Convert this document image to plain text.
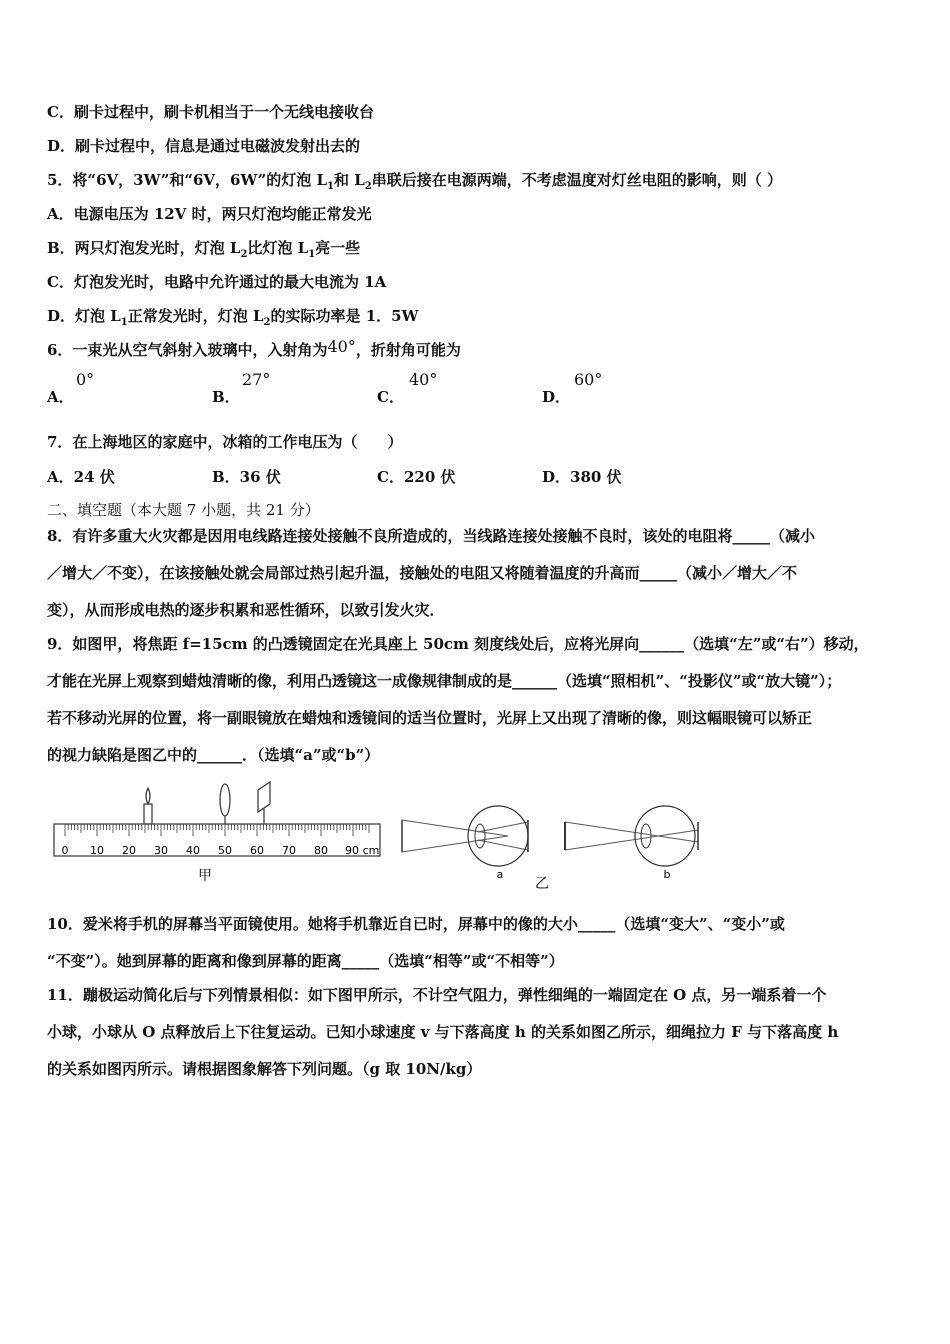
C．刷卡过程中，刷卡机相当于一个无线电接收台
D．刷卡过程中，信息是通过电磁波发射出去的
5．将“6V，3W”和“6V，6W”的灯泡 $L_1$和 $L_2$串联后接在电源两端，不考虑温度对灯丝电阻的影响，则（ ）
A．电源电压为 12V 时，两只灯泡均能正常发光
B．两只灯泡发光时，灯泡 $L_2$比灯泡 $L_1$亮一些
C．灯泡发光时，电路中允许通过的最大电流为 1A
D．灯泡 $L_1$正常发光时，灯泡 $L_2$的实际功率是 1．5W
6．一束光从空气斜射入玻璃中，入射角为40°，折射角可能为
A．
0°
B．
27°
C．
40°
D．
60°
7．在上海地区的家庭中，冰箱的工作电压为（　　）
A．24 伏	B．36 伏	C．220 伏	D．380 伏
二、填空题（本大题 7 小题，共 21 分）
8．有许多重大火灾都是因用电线路连接处接触不良所造成的，当线路连接处接触不良时，该处的电阻将_____（减小
／增大／不变），在该接触处就会局部过热引起升温，接触处的电阻又将随着温度的升高而_____（减小／增大／不
变），从而形成电热的逐步积累和恶性循环，以致引发火灾．
9．如图甲，将焦距 f=15cm 的凸透镜固定在光具座上 50cm 刻度线处后，应将光屏向______（选填“左”或“右”）移动，
才能在光屏上观察到蜡烛清晰的像，利用凸透镜这一成像规律制成的是______（选填“照相机”、“投影仪”或“放大镜”）；
若不移动光屏的位置，将一副眼镜放在蜡烛和透镜间的适当位置时，光屏上又出现了清晰的像，则这幅眼镜可以矫正
的视力缺陷是图乙中的______．（选填“a”或“b”）
0 10 20 30 40 50 60 70 80 90 cm
甲	a
乙
b
10．爱米将手机的屏幕当平面镜使用。她将手机靠近自已时，屏幕中的像的大小_____（选填“变大”、“变小”或
“不变”）。她到屏幕的距离和像到屏幕的距离_____（选填“相等”或“不相等”）
11．蹦极运动简化后与下列情景相似：如下图甲所示，不计空气阻力，弹性细绳的一端固定在 O 点，另一端系着一个
小球，小球从 O 点释放后上下往复运动。已知小球速度 v 与下落高度 h 的关系如图乙所示，细绳拉力 F 与下落高度 h
的关系如图丙所示。请根据图象解答下列问题。（g 取 10N/kg）
